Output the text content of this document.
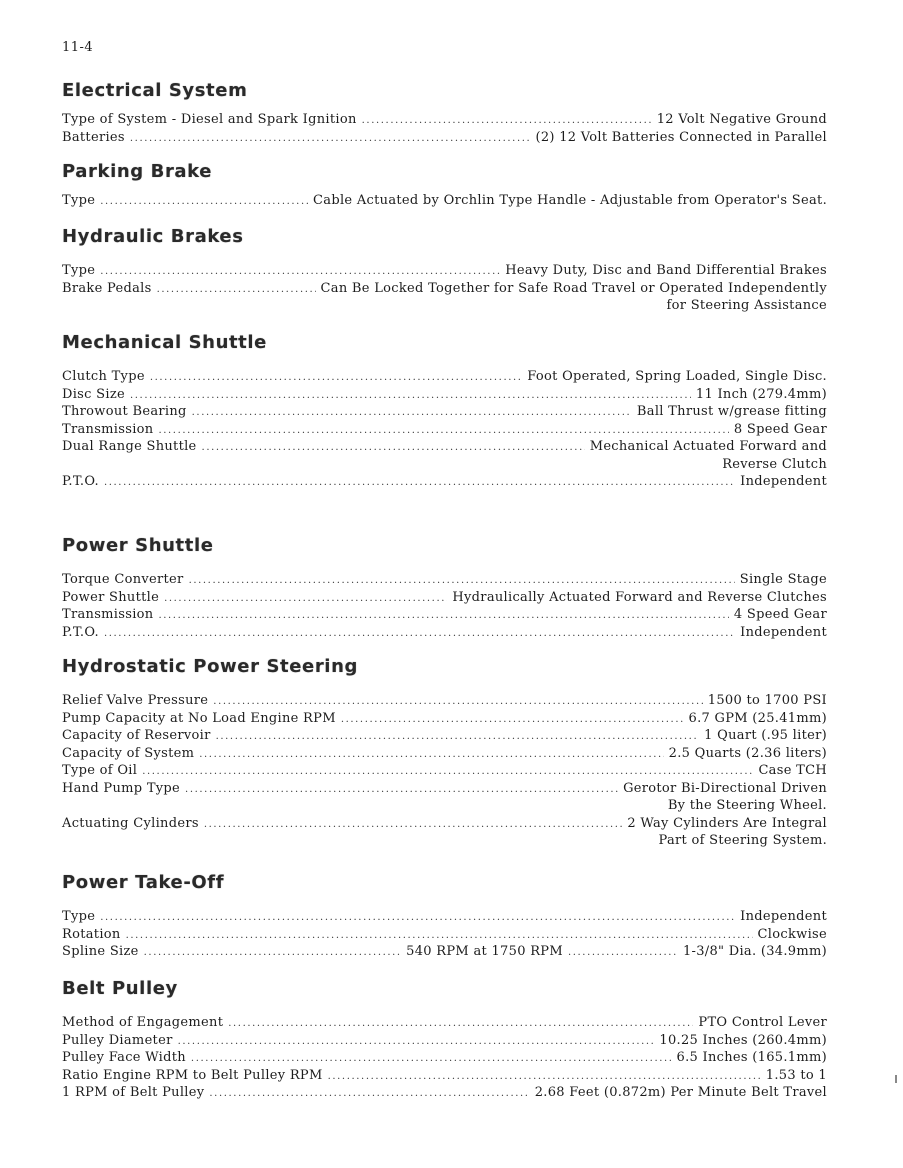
11-4
Electrical System
Type of System - Diesel and Spark Ignition .....	12 Volt Negative Ground
Batteries .....	(2) 12 Volt Batteries Connected in Parallel
Parking Brake
Type .....	Cable Actuated by Orchlin Type Handle - Adjustable from Operator's Seat.
Hydraulic Brakes
Type .....	Heavy Duty, Disc and Band Differential Brakes
Brake Pedals .....	Can Be Locked Together for Safe Road Travel or Operated Independently
for Steering Assistance
Mechanical Shuttle
Clutch Type .....	Foot Operated, Spring Loaded, Single Disc.
Disc Size .....	11 Inch (279.4mm)
Throwout Bearing .....	Ball Thrust w/grease fitting
Transmission .....	8 Speed Gear
Dual Range Shuttle .....	Mechanical Actuated Forward and
Reverse Clutch
P.T.O. .....	Independent
Power Shuttle
Torque Converter .....	Single Stage
Power Shuttle .....	Hydraulically Actuated Forward and Reverse Clutches
Transmission .....	4 Speed Gear
P.T.O. .....	Independent
Hydrostatic Power Steering
Relief Valve Pressure .....	1500 to 1700 PSI
Pump Capacity at No Load Engine RPM .....	6.7 GPM (25.41mm)
Capacity of Reservoir .....	1 Quart (.95 liter)
Capacity of System .....	2.5 Quarts (2.36 liters)
Type of Oil .....	Case TCH
Hand Pump Type .....	Gerotor Bi-Directional Driven
By the Steering Wheel.
Actuating Cylinders .....	2 Way Cylinders Are Integral
Part of Steering System.
Power Take-Off
Type .....	Independent
Rotation .....	Clockwise
Spline Size .....	540 RPM at 1750 RPM .....	1-3/8" Dia. (34.9mm)
Belt Pulley
Method of Engagement .....	PTO Control Lever
Pulley Diameter .....	10.25 Inches (260.4mm)
Pulley Face Width .....	6.5 Inches (165.1mm)
Ratio Engine RPM to Belt Pulley RPM .....	1.53 to 1
1 RPM of Belt Pulley .....	2.68 Feet (0.872m) Per Minute Belt Travel
